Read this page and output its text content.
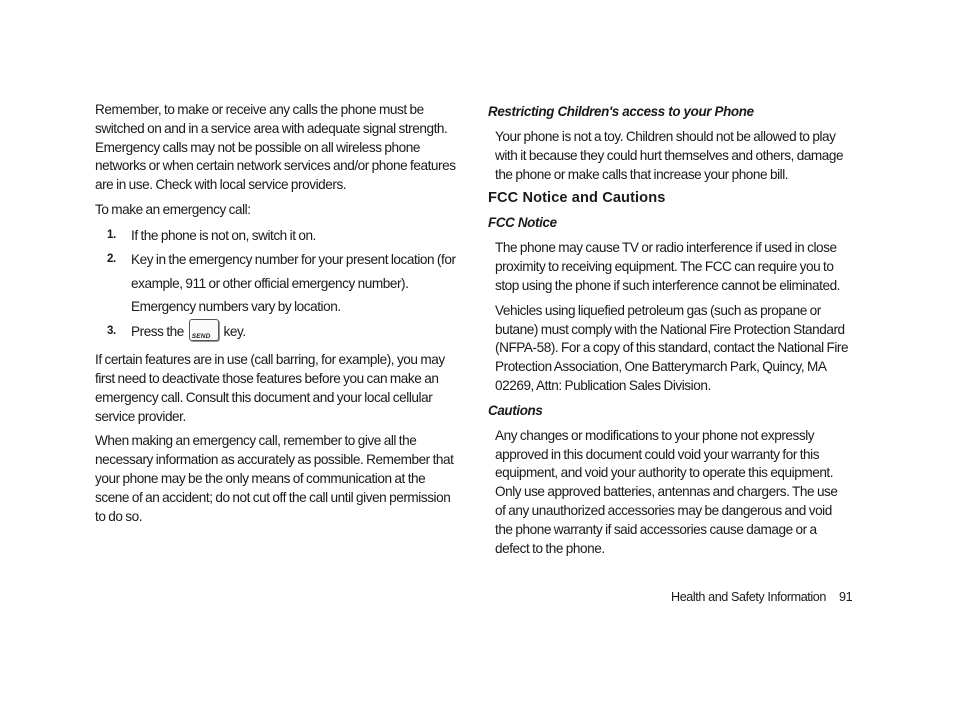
Remember, to make or receive any calls the phone must be switched on and in a service area with adequate signal strength. Emergency calls may not be possible on all wireless phone networks or when certain network services and/or phone features are in use. Check with local service providers.

To make an emergency call:

1. If the phone is not on, switch it on.
2. Key in the emergency number for your present location (for example, 911 or other official emergency number). Emergency numbers vary by location.
3. Press the SEND key.

If certain features are in use (call barring, for example), you may first need to deactivate those features before you can make an emergency call. Consult this document and your local cellular service provider.

When making an emergency call, remember to give all the necessary information as accurately as possible. Remember that your phone may be the only means of communication at the scene of an accident; do not cut off the call until given permission to do so.

Restricting Children's access to your Phone

Your phone is not a toy. Children should not be allowed to play with it because they could hurt themselves and others, damage the phone or make calls that increase your phone bill.

FCC Notice and Cautions
FCC Notice

The phone may cause TV or radio interference if used in close proximity to receiving equipment. The FCC can require you to stop using the phone if such interference cannot be eliminated.

Vehicles using liquefied petroleum gas (such as propane or butane) must comply with the National Fire Protection Standard (NFPA-58). For a copy of this standard, contact the National Fire Protection Association, One Batterymarch Park, Quincy, MA 02269, Attn: Publication Sales Division.

Cautions

Any changes or modifications to your phone not expressly approved in this document could void your warranty for this equipment, and void your authority to operate this equipment. Only use approved batteries, antennas and chargers. The use of any unauthorized accessories may be dangerous and void the phone warranty if said accessories cause damage or a defect to the phone.

Health and Safety Information 91
